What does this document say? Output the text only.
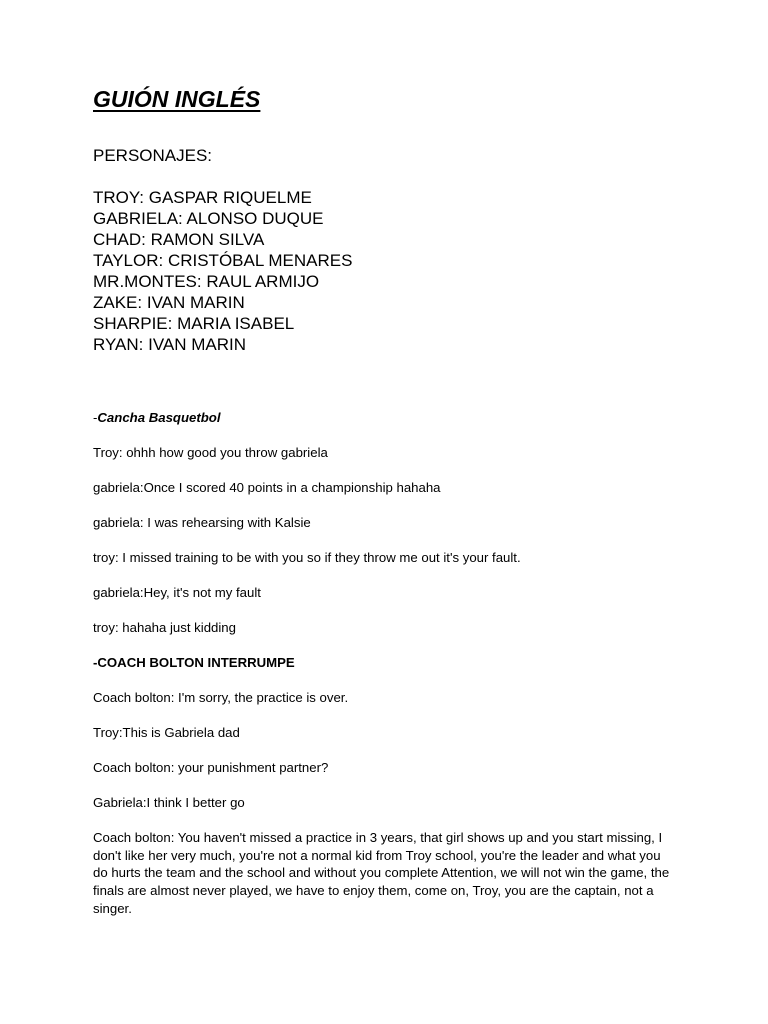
GUIÓN INGLÉS
PERSONAJES:
TROY: GASPAR RIQUELME
GABRIELA: ALONSO DUQUE
CHAD: RAMON SILVA
TAYLOR: CRISTÓBAL MENARES
MR.MONTES: RAUL ARMIJO
ZAKE: IVAN MARIN
SHARPIE: MARIA ISABEL
RYAN: IVAN MARIN

-Cancha Basquetbol

Troy: ohhh how good you throw gabriela

gabriela:Once I scored 40 points in a championship hahaha

gabriela: I was rehearsing with Kalsie

troy: I missed training to be with you so if they throw me out it's your fault.

gabriela:Hey, it's not my fault

troy: hahaha just kidding

-COACH BOLTON INTERRUMPE

Coach bolton: I'm sorry, the practice is over.

Troy:This is Gabriela dad

Coach bolton: your punishment partner?

Gabriela:I think I better go

Coach bolton: You haven't missed a practice in 3 years, that girl shows up and you start missing, I don't like her very much, you're not a normal kid from Troy school, you're the leader and what you do hurts the team and the school and without you complete Attention, we will not win the game, the finals are almost never played, we have to enjoy them, come on, Troy, you are the captain, not a singer.
